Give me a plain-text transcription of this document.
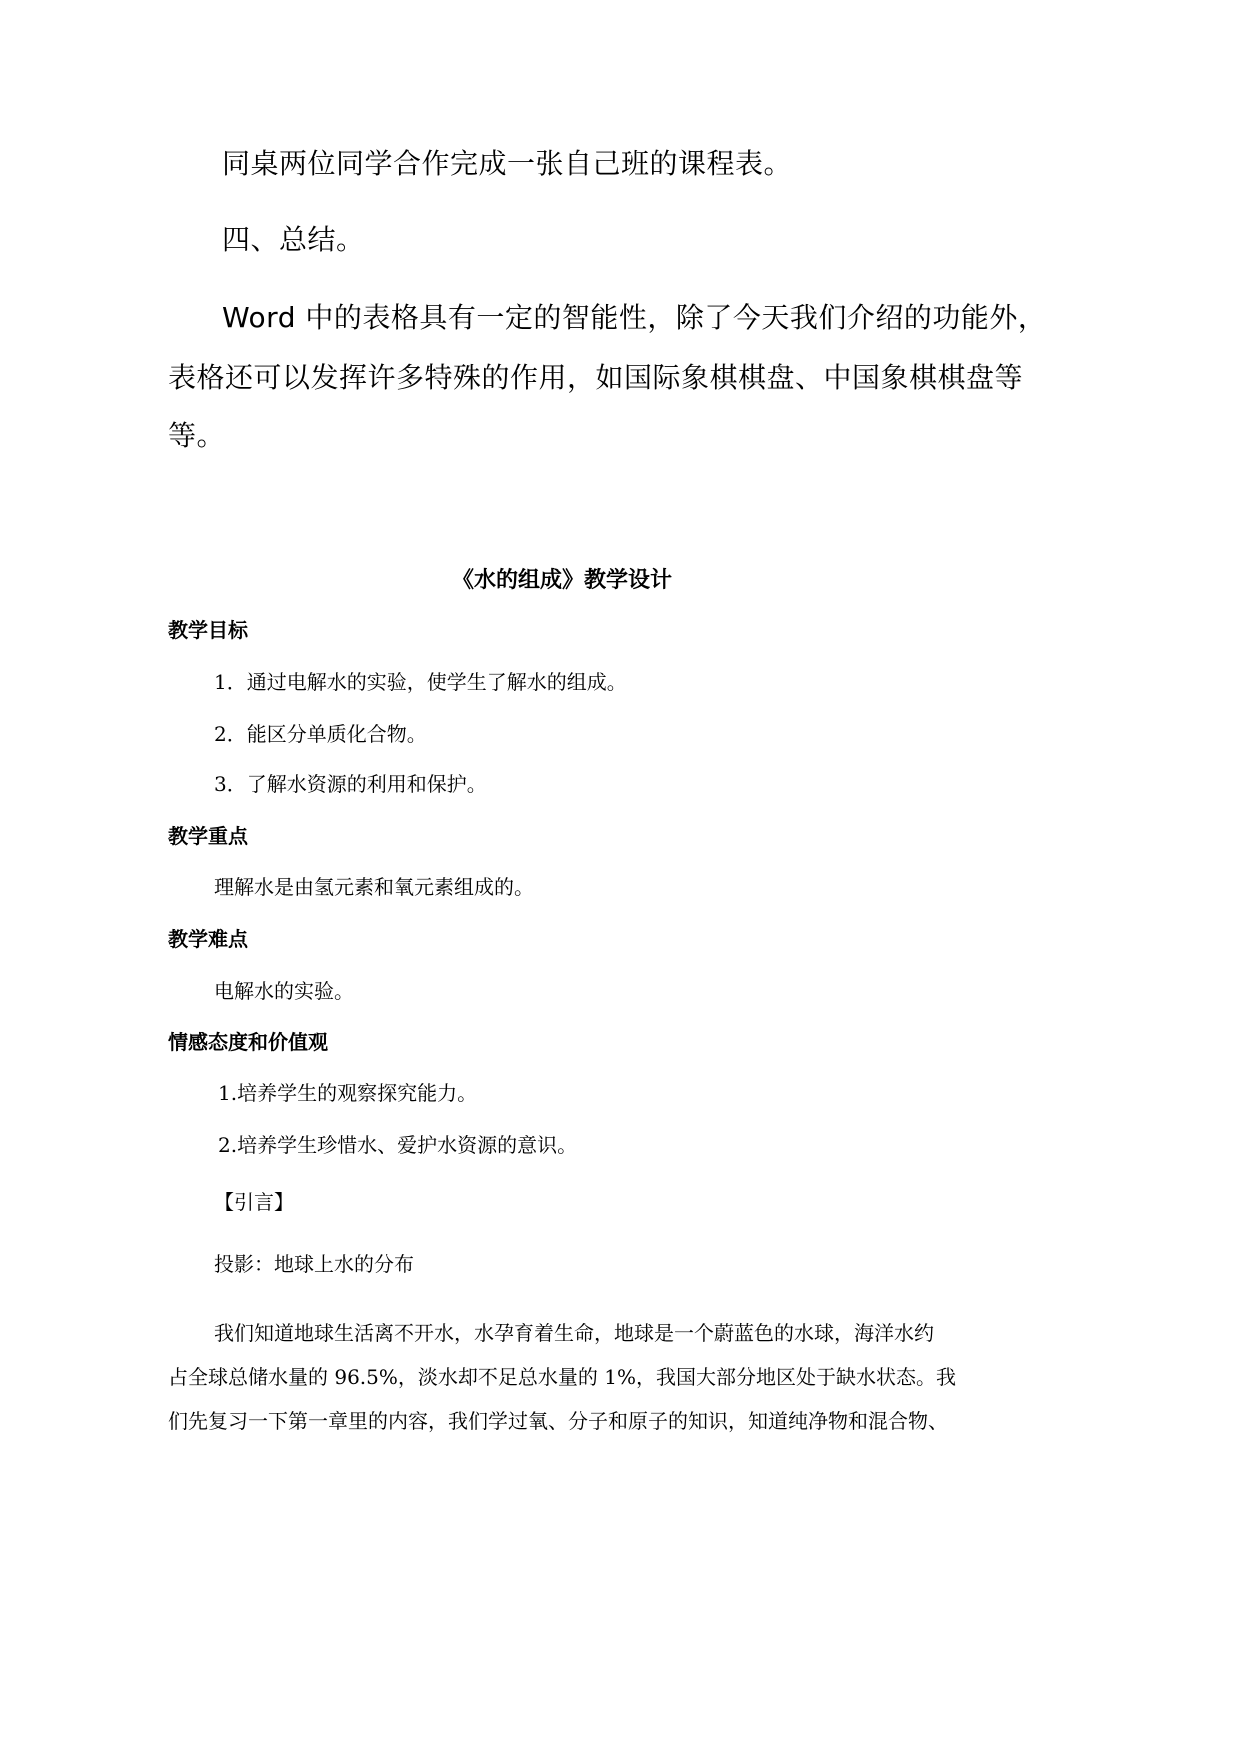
同桌两位同学合作完成一张自己班的课程表。
四、总结。
Word 中的表格具有一定的智能性，除了今天我们介绍的功能外，
表格还可以发挥许多特殊的作用，如国际象棋棋盘、中国象棋棋盘等
等。
《水的组成》教学设计
教学目标
1．通过电解水的实验，使学生了解水的组成。
2．能区分单质化合物。
3．了解水资源的利用和保护。
教学重点
理解水是由氢元素和氧元素组成的。
教学难点
电解水的实验。
情感态度和价值观
1.培养学生的观察探究能力。
2.培养学生珍惜水、爱护水资源的意识。
【引言】
投影：地球上水的分布
我们知道地球生活离不开水，水孕育着生命，地球是一个蔚蓝色的水球，海洋水约
占全球总储水量的 96.5%，淡水却不足总水量的 1%，我国大部分地区处于缺水状态。我
们先复习一下第一章里的内容，我们学过氧、分子和原子的知识，知道纯净物和混合物、
